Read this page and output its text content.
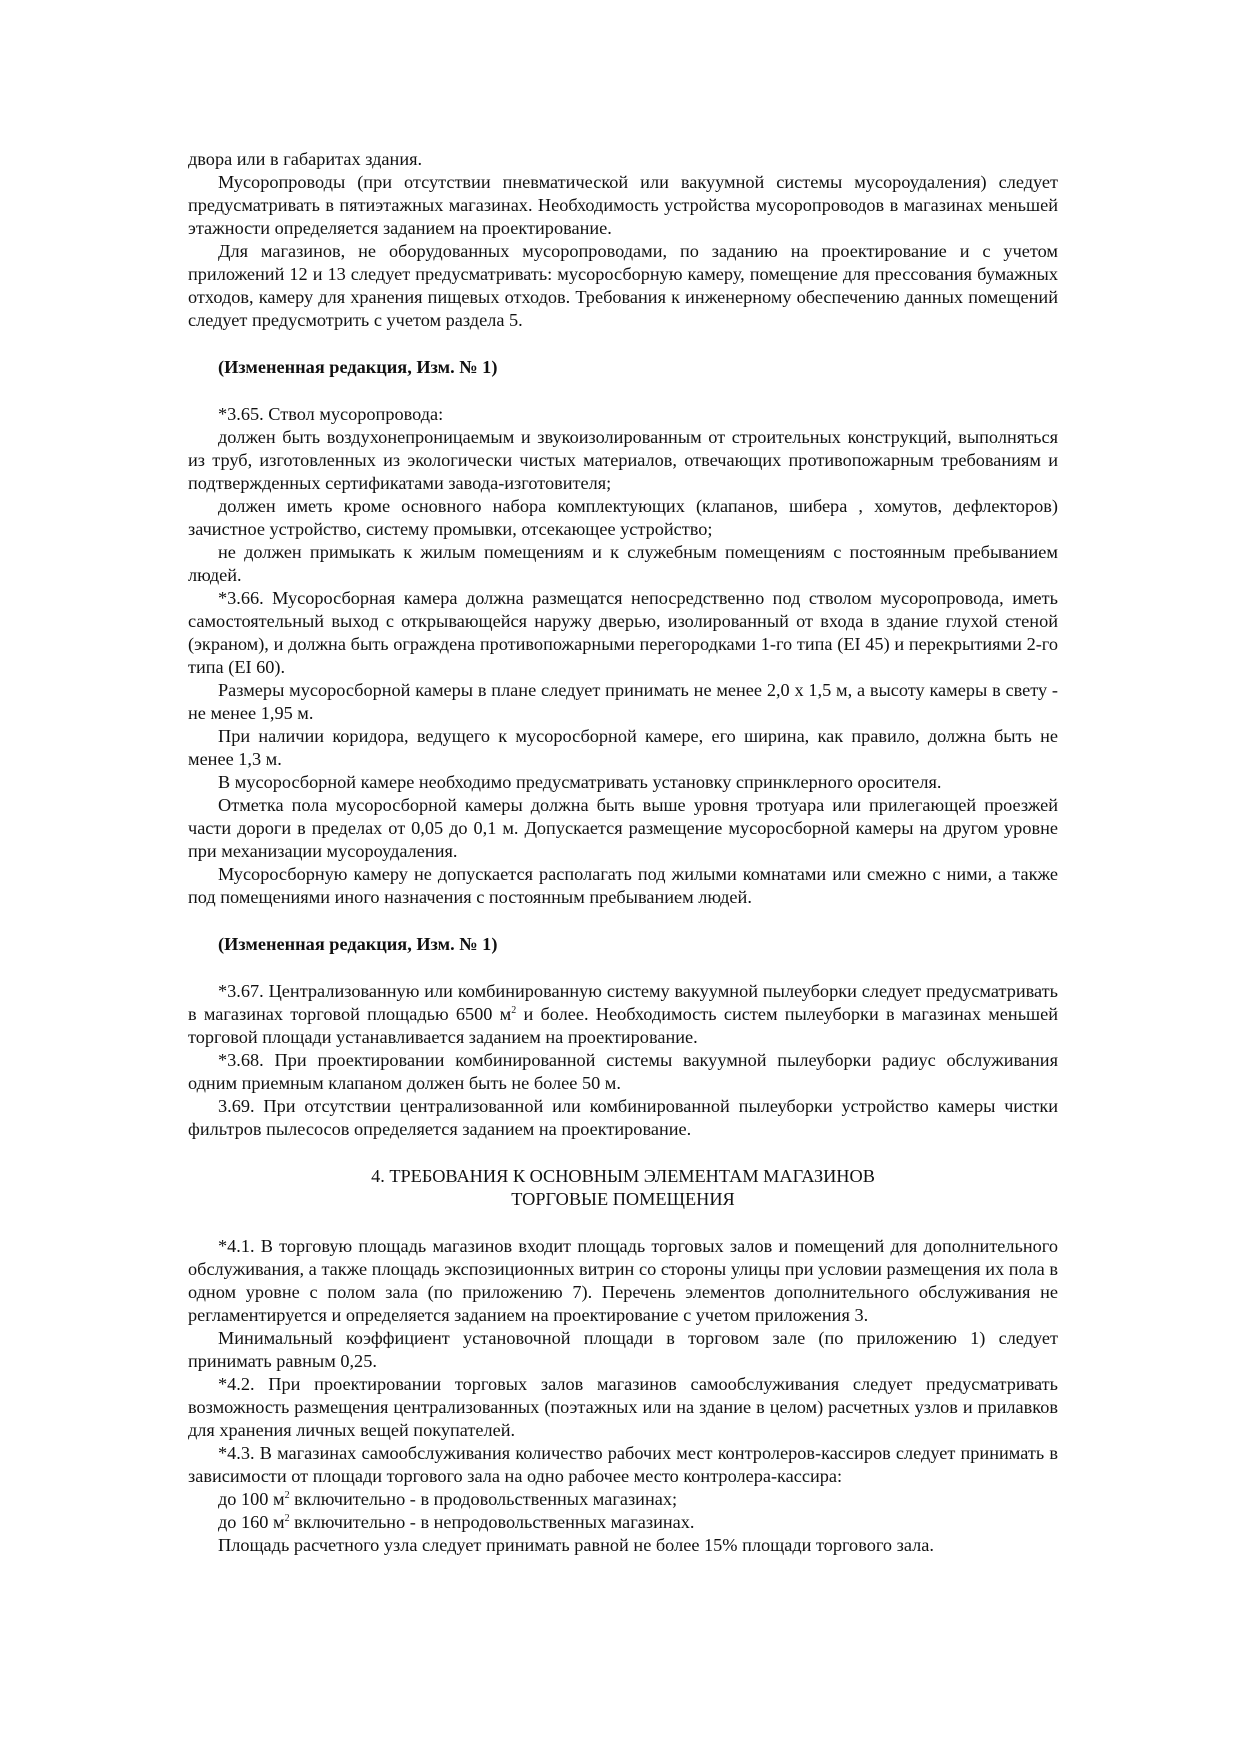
двора или в габаритах здания.

Мусоропроводы (при отсутствии пневматической или вакуумной системы мусороудаления) следует предусматривать в пятиэтажных магазинах. Необходимость устройства мусоропроводов в магазинах меньшей этажности определяется заданием на проектирование.

Для магазинов, не оборудованных мусоропроводами, по заданию на проектирование и с учетом приложений 12 и 13 следует предусматривать: мусоросборную камеру, помещение для прессования бумажных отходов, камеру для хранения пищевых отходов. Требования к инженерному обеспечению данных помещений следует предусмотрить с учетом раздела 5.

(Измененная редакция, Изм. № 1)

*3.65. Ствол мусоропровода:

должен быть воздухонепроницаемым и звукоизолированным от строительных конструкций, выполняться из труб, изготовленных из экологически чистых материалов, отвечающих противопожарным требованиям и подтвержденных сертификатами завода-изготовителя;

должен иметь кроме основного набора комплектующих (клапанов, шибера , хомутов, дефлекторов) зачистное устройство, систему промывки, отсекающее устройство;

не должен примыкать к жилым помещениям и к служебным помещениям с постоянным пребыванием людей.

*3.66. Мусоросборная камера должна размещатся непосредственно под стволом мусоропровода, иметь самостоятельный выход с открывающейся наружу дверью, изолированный от входа в здание глухой стеной (экраном), и должна быть ограждена противопожарными перегородками 1-го типа (EI 45) и перекрытиями 2-го типа (EI 60).

Размеры мусоросборной камеры в плане следует принимать не менее 2,0 х 1,5 м, а высоту камеры в свету - не менее 1,95 м.

При наличии коридора, ведущего к мусоросборной камере, его ширина, как правило, должна быть не менее 1,3 м.

В мусоросборной камере необходимо предусматривать установку спринклерного оросителя.

Отметка пола мусоросборной камеры должна быть выше уровня тротуара или прилегающей проезжей части дороги в пределах от 0,05 до 0,1 м. Допускается размещение мусоросборной камеры на другом уровне при механизации мусороудаления.

Мусоросборную камеру не допускается располагать под жилыми комнатами или смежно с ними, а также под помещениями иного назначения с постоянным пребыванием людей.

(Измененная редакция, Изм. № 1)

*3.67. Централизованную или комбинированную систему вакуумной пылеуборки следует предусматривать в магазинах торговой площадью 6500 $м^2$ и более. Необходимость систем пылеуборки в магазинах меньшей торговой площади устанавливается заданием на проектирование.

*3.68. При проектировании комбинированной системы вакуумной пылеуборки радиус обслуживания одним приемным клапаном должен быть не более 50 м.

3.69. При отсутствии централизованной или комбинированной пылеуборки устройство камеры чистки фильтров пылесосов определяется заданием на проектирование.

4. ТРЕБОВАНИЯ К ОСНОВНЫМ ЭЛЕМЕНТАМ МАГАЗИНОВ

ТОРГОВЫЕ ПОМЕЩЕНИЯ

*4.1. В торговую площадь магазинов входит площадь торговых залов и помещений для дополнительного обслуживания, а также площадь экспозиционных витрин со стороны улицы при условии размещения их пола в одном уровне с полом зала (по приложению 7). Перечень элементов дополнительного обслуживания не регламентируется и определяется заданием на проектирование с учетом приложения 3.

Минимальный коэффициент установочной площади в торговом зале (по приложению 1) следует принимать равным 0,25.

*4.2. При проектировании торговых залов магазинов самообслуживания следует предусматривать возможность размещения централизованных (поэтажных или на здание в целом) расчетных узлов и прилавков для хранения личных вещей покупателей.

*4.3. В магазинах самообслуживания количество рабочих мест контролеров-кассиров следует принимать в зависимости от площади торгового зала на одно рабочее место контролера-кассира:

до 100 $м^2$ включительно - в продовольственных магазинах;

до 160 $м^2$ включительно - в непродовольственных магазинах.

Площадь расчетного узла следует принимать равной не более 15% площади торгового зала.
